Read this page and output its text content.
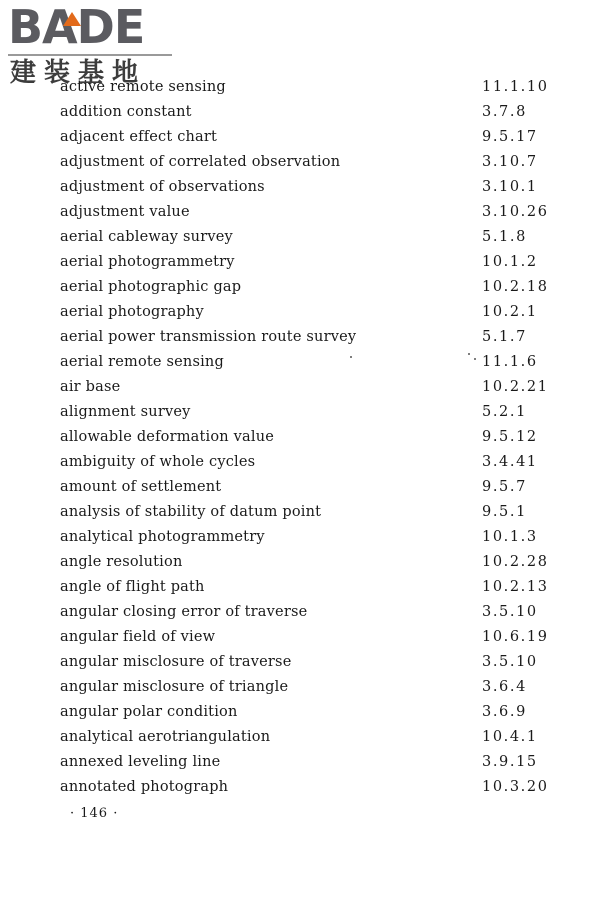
BADE
建装基地
active remote sensing	11.1.10
addition constant	3.7.8
adjacent effect chart	9.5.17
adjustment of correlated observation	3.10.7
adjustment of observations	3.10.1
adjustment value	3.10.26
aerial cableway survey	5.1.8
aerial photogrammetry	10.1.2
aerial photographic gap	10.2.18
aerial photography	10.2.1
aerial power transmission route survey	5.1.7
aerial remote sensing	11.1.6
air base	10.2.21
alignment survey	5.2.1
allowable deformation value	9.5.12
ambiguity of whole cycles	3.4.41
amount of settlement	9.5.7
analysis of stability of datum point	9.5.1
analytical photogrammetry	10.1.3
angle resolution	10.2.28
angle of flight path	10.2.13
angular closing error of traverse	3.5.10
angular field of view	10.6.19
angular misclosure of traverse	3.5.10
angular misclosure of triangle	3.6.4
angular polar condition	3.6.9
analytical aerotriangulation	10.4.1
annexed leveling line	3.9.15
annotated photograph	10.3.20
· 146 ·
